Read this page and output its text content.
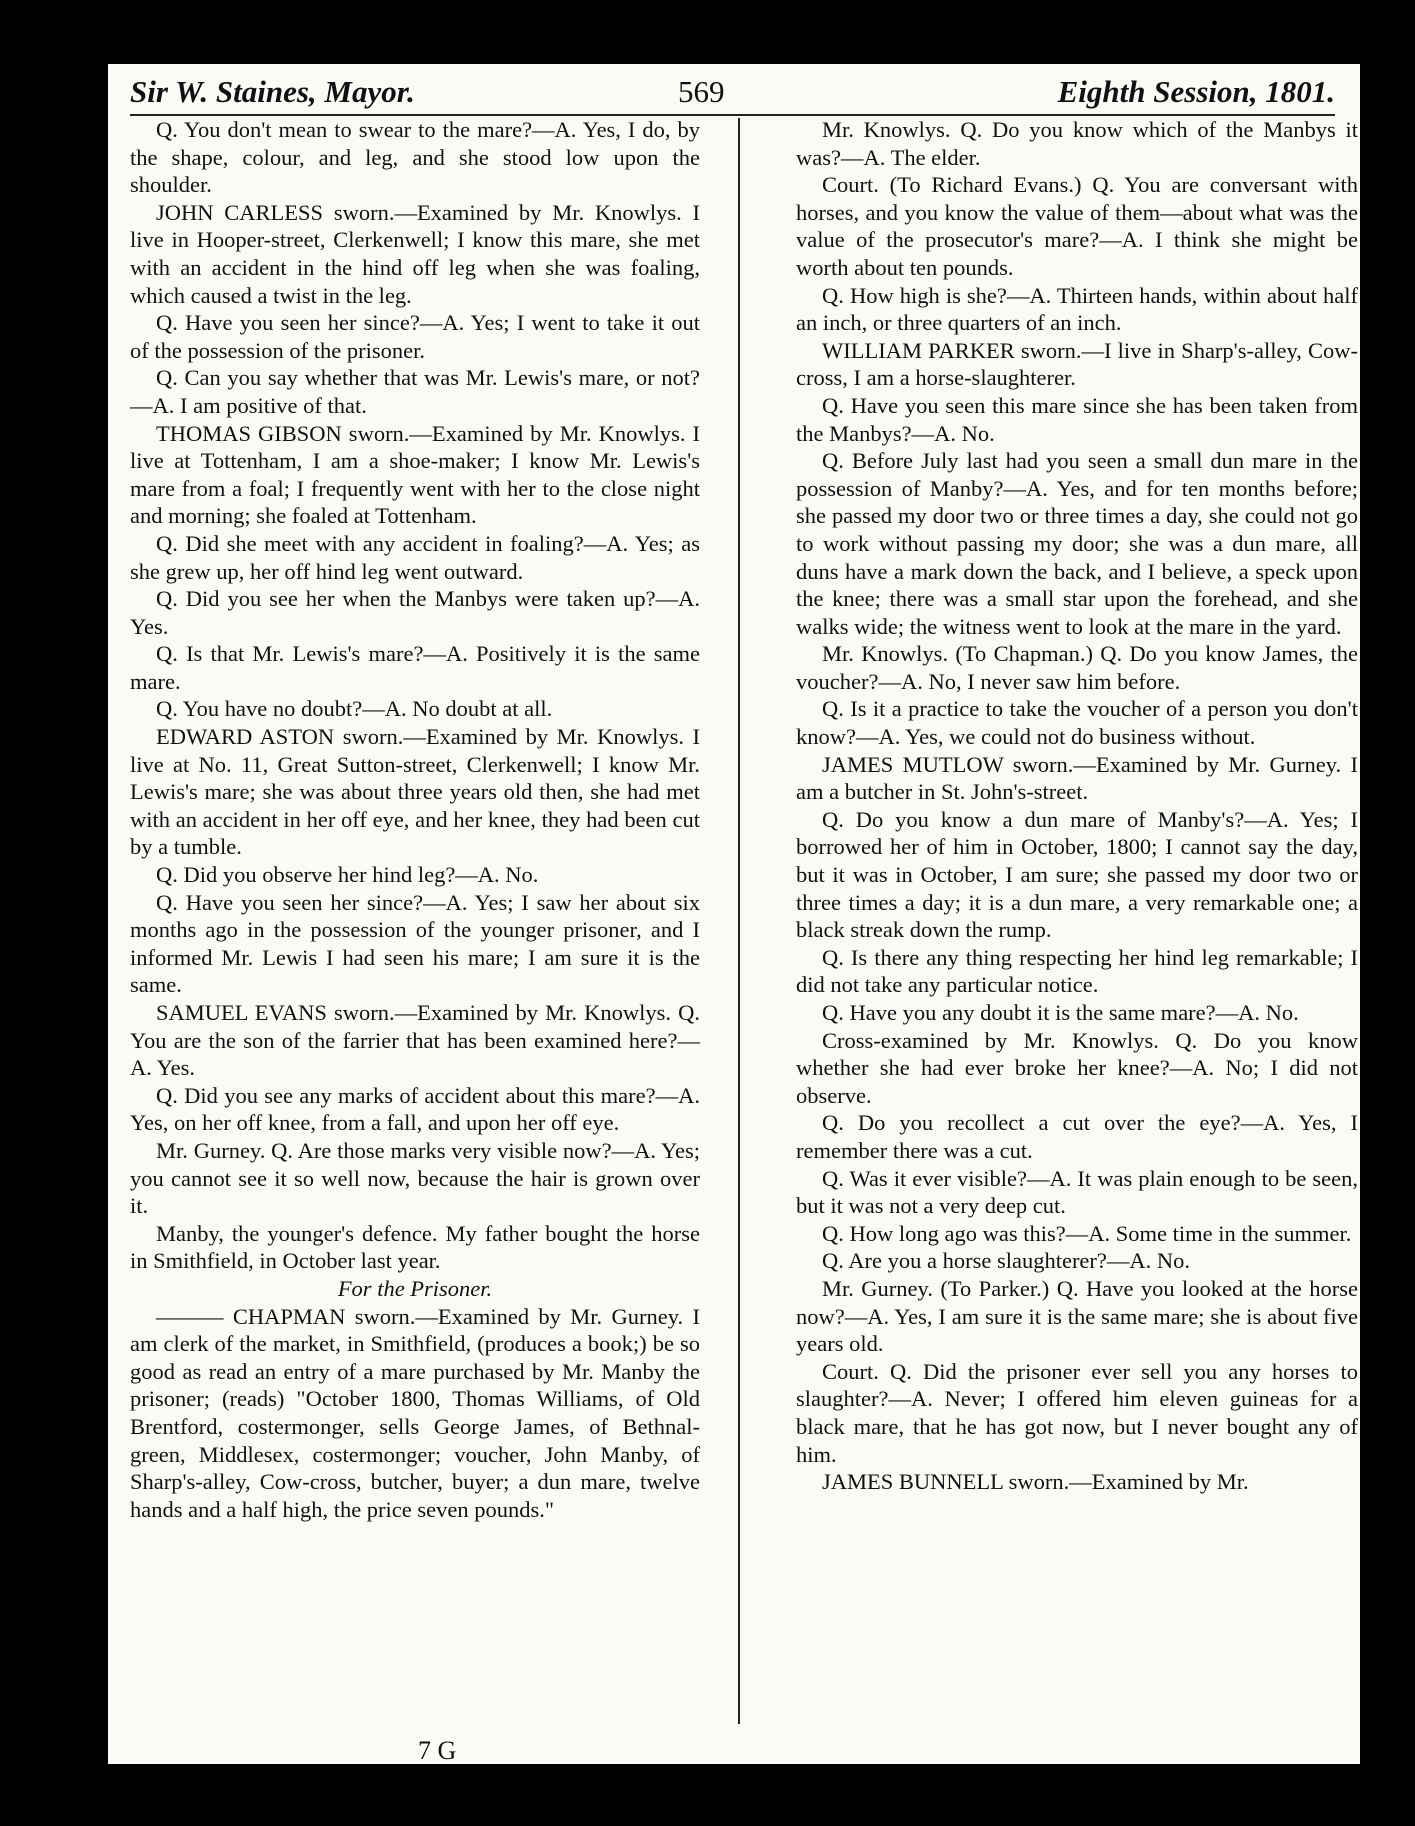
Sir W. Staines, Mayor.	569	Eighth Session, 1801.

Q. You don't mean to swear to the mare?—A. Yes, I do, by the shape, colour, and leg, and she stood low upon the shoulder.

JOHN CARLESS sworn.—Examined by Mr. Knowlys. I live in Hooper-street, Clerkenwell; I know this mare, she met with an accident in the hind off leg when she was foaling, which caused a twist in the leg.

Q. Have you seen her since?—A. Yes; I went to take it out of the possession of the prisoner.

Q. Can you say whether that was Mr. Lewis's mare, or not?—A. I am positive of that.

THOMAS GIBSON sworn.—Examined by Mr. Knowlys. I live at Tottenham, I am a shoe-maker; I know Mr. Lewis's mare from a foal; I frequently went with her to the close night and morning; she foaled at Tottenham.

Q. Did she meet with any accident in foaling?—A. Yes; as she grew up, her off hind leg went outward.

Q. Did you see her when the Manbys were taken up?—A. Yes.

Q. Is that Mr. Lewis's mare?—A. Positively it is the same mare.

Q. You have no doubt?—A. No doubt at all.

EDWARD ASTON sworn.—Examined by Mr. Knowlys. I live at No. 11, Great Sutton-street, Clerkenwell; I know Mr. Lewis's mare; she was about three years old then, she had met with an accident in her off eye, and her knee, they had been cut by a tumble.

Q. Did you observe her hind leg?—A. No.

Q. Have you seen her since?—A. Yes; I saw her about six months ago in the possession of the younger prisoner, and I informed Mr. Lewis I had seen his mare; I am sure it is the same.

SAMUEL EVANS sworn.—Examined by Mr. Knowlys. Q. You are the son of the farrier that has been examined here?—A. Yes.

Q. Did you see any marks of accident about this mare?—A. Yes, on her off knee, from a fall, and upon her off eye.

Mr. Gurney. Q. Are those marks very visible now?—A. Yes; you cannot see it so well now, because the hair is grown over it.

Manby, the younger's defence. My father bought the horse in Smithfield, in October last year.

For the Prisoner.

——— CHAPMAN sworn.—Examined by Mr. Gurney. I am clerk of the market, in Smithfield, (produces a book;) be so good as read an entry of a mare purchased by Mr. Manby the prisoner; (reads) "October 1800, Thomas Williams, of Old Brentford, costermonger, sells George James, of Bethnal-green, Middlesex, costermonger; voucher, John Manby, of Sharp's-alley, Cow-cross, butcher, buyer; a dun mare, twelve hands and a half high, the price seven pounds."

Mr. Knowlys. Q. Do you know which of the Manbys it was?—A. The elder.

Court. (To Richard Evans.) Q. You are conversant with horses, and you know the value of them—about what was the value of the prosecutor's mare?—A. I think she might be worth about ten pounds.

Q. How high is she?—A. Thirteen hands, within about half an inch, or three quarters of an inch.

WILLIAM PARKER sworn.—I live in Sharp's-alley, Cow-cross, I am a horse-slaughterer.

Q. Have you seen this mare since she has been taken from the Manbys?—A. No.

Q. Before July last had you seen a small dun mare in the possession of Manby?—A. Yes, and for ten months before; she passed my door two or three times a day, she could not go to work without passing my door; she was a dun mare, all duns have a mark down the back, and I believe, a speck upon the knee; there was a small star upon the forehead, and she walks wide; the witness went to look at the mare in the yard.

Mr. Knowlys. (To Chapman.) Q. Do you know James, the voucher?—A. No, I never saw him before.

Q. Is it a practice to take the voucher of a person you don't know?—A. Yes, we could not do business without.

JAMES MUTLOW sworn.—Examined by Mr. Gurney. I am a butcher in St. John's-street.

Q. Do you know a dun mare of Manby's?—A. Yes; I borrowed her of him in October, 1800; I cannot say the day, but it was in October, I am sure; she passed my door two or three times a day; it is a dun mare, a very remarkable one; a black streak down the rump.

Q. Is there any thing respecting her hind leg remarkable; I did not take any particular notice.

Q. Have you any doubt it is the same mare?—A. No.

Cross-examined by Mr. Knowlys. Q. Do you know whether she had ever broke her knee?—A. No; I did not observe.

Q. Do you recollect a cut over the eye?—A. Yes, I remember there was a cut.

Q. Was it ever visible?—A. It was plain enough to be seen, but it was not a very deep cut.

Q. How long ago was this?—A. Some time in the summer.

Q. Are you a horse slaughterer?—A. No.

Mr. Gurney. (To Parker.) Q. Have you looked at the horse now?—A. Yes, I am sure it is the same mare; she is about five years old.

Court. Q. Did the prisoner ever sell you any horses to slaughter?—A. Never; I offered him eleven guineas for a black mare, that he has got now, but I never bought any of him.

JAMES BUNNELL sworn.—Examined by Mr.

7 G
